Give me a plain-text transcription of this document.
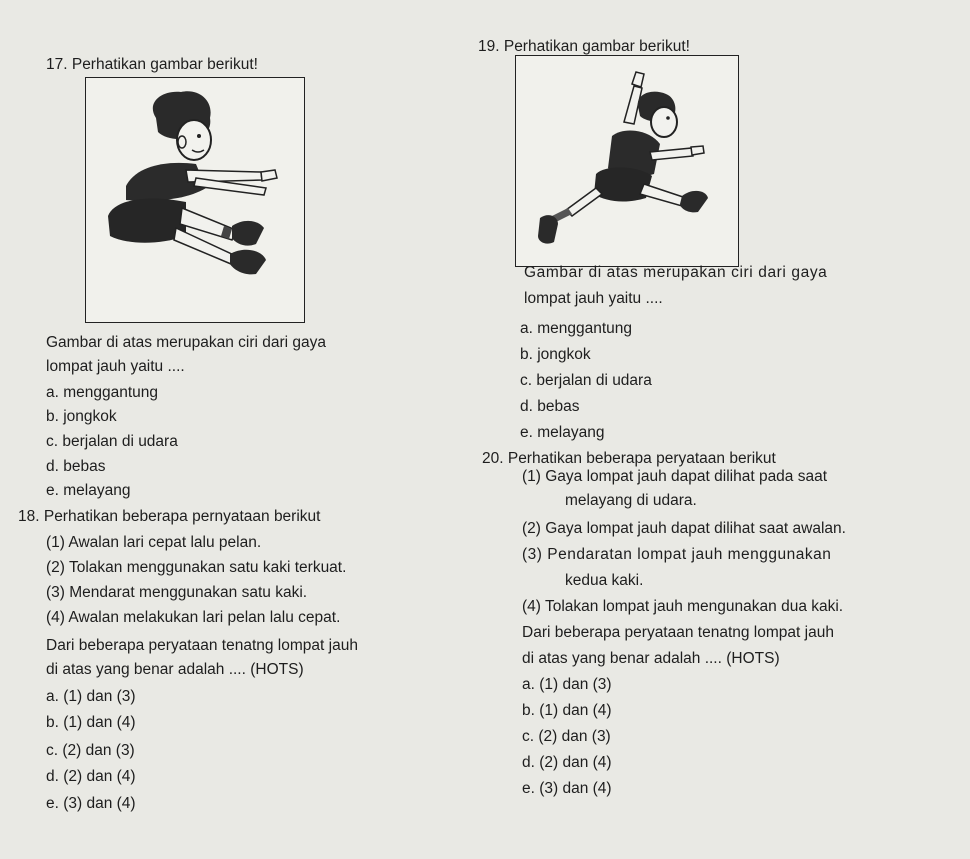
17. Perhatikan gambar berikut!
Gambar di atas merupakan ciri dari gaya
lompat jauh yaitu ....
a. menggantung
b. jongkok
c. berjalan di udara
d. bebas
e. melayang
18. Perhatikan beberapa pernyataan berikut
(1) Awalan lari cepat lalu pelan.
(2) Tolakan menggunakan satu kaki terkuat.
(3) Mendarat menggunakan satu kaki.
(4) Awalan melakukan lari pelan lalu cepat.
Dari beberapa peryataan tenatng lompat jauh
di atas yang benar adalah .... (HOTS)
a. (1) dan (3)
b. (1) dan (4)
c. (2) dan (3)
d. (2) dan (4)
e. (3) dan (4)
19. Perhatikan gambar berikut!
Gambar di atas merupakan ciri dari gaya
lompat jauh yaitu ....
a. menggantung
b. jongkok
c. berjalan di udara
d. bebas
e. melayang
20. Perhatikan beberapa peryataan berikut
(1) Gaya lompat jauh dapat dilihat pada saat
melayang di udara.
(2) Gaya lompat jauh dapat dilihat saat awalan.
(3) Pendaratan lompat jauh menggunakan
kedua kaki.
(4) Tolakan lompat jauh mengunakan dua kaki.
Dari beberapa peryataan tenatng lompat jauh
di atas yang benar adalah .... (HOTS)
a. (1) dan (3)
b. (1) dan (4)
c. (2) dan (3)
d. (2) dan (4)
e. (3) dan (4)
